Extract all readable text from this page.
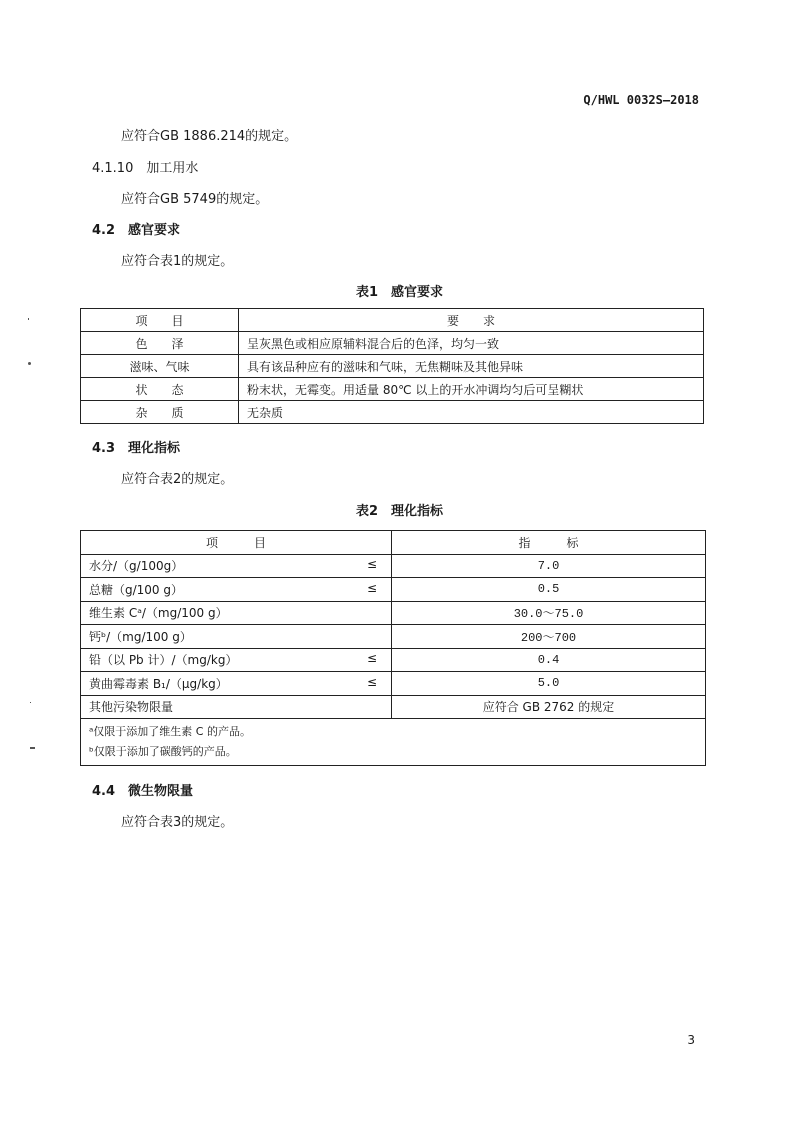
Q/HWL 0032S—2018
应符合GB 1886.214的规定。
4.1.10　加工用水
应符合GB 5749的规定。
4.2　感官要求
应符合表1的规定。
表1　感官要求
项　　目	要　　求
色　　泽	呈灰黑色或相应原辅料混合后的色泽，均匀一致
滋味、气味	具有该品种应有的滋味和气味，无焦糊味及其他异味
状　　态	粉末状，无霉变。用适量 80℃ 以上的开水冲调均匀后可呈糊状
杂　　质	无杂质
4.3　理化指标
应符合表2的规定。
表2　理化指标
项　　　目	指　　　标
水分/（g/100g） ≤	7.0
总糖（g/100 g） ≤	0.5
维生素 Cᵃ/（mg/100 g）	30.0～75.0
钙ᵇ/（mg/100 g）	200～700
铅（以 Pb 计）/（mg/kg） ≤	0.4
黄曲霉毒素 B₁/（μg/kg） ≤	5.0
其他污染物限量	应符合 GB 2762 的规定

ᵃ仅限于添加了维生素 C 的产品。
ᵇ仅限于添加了碳酸钙的产品。	
4.4　微生物限量
应符合表3的规定。
3
